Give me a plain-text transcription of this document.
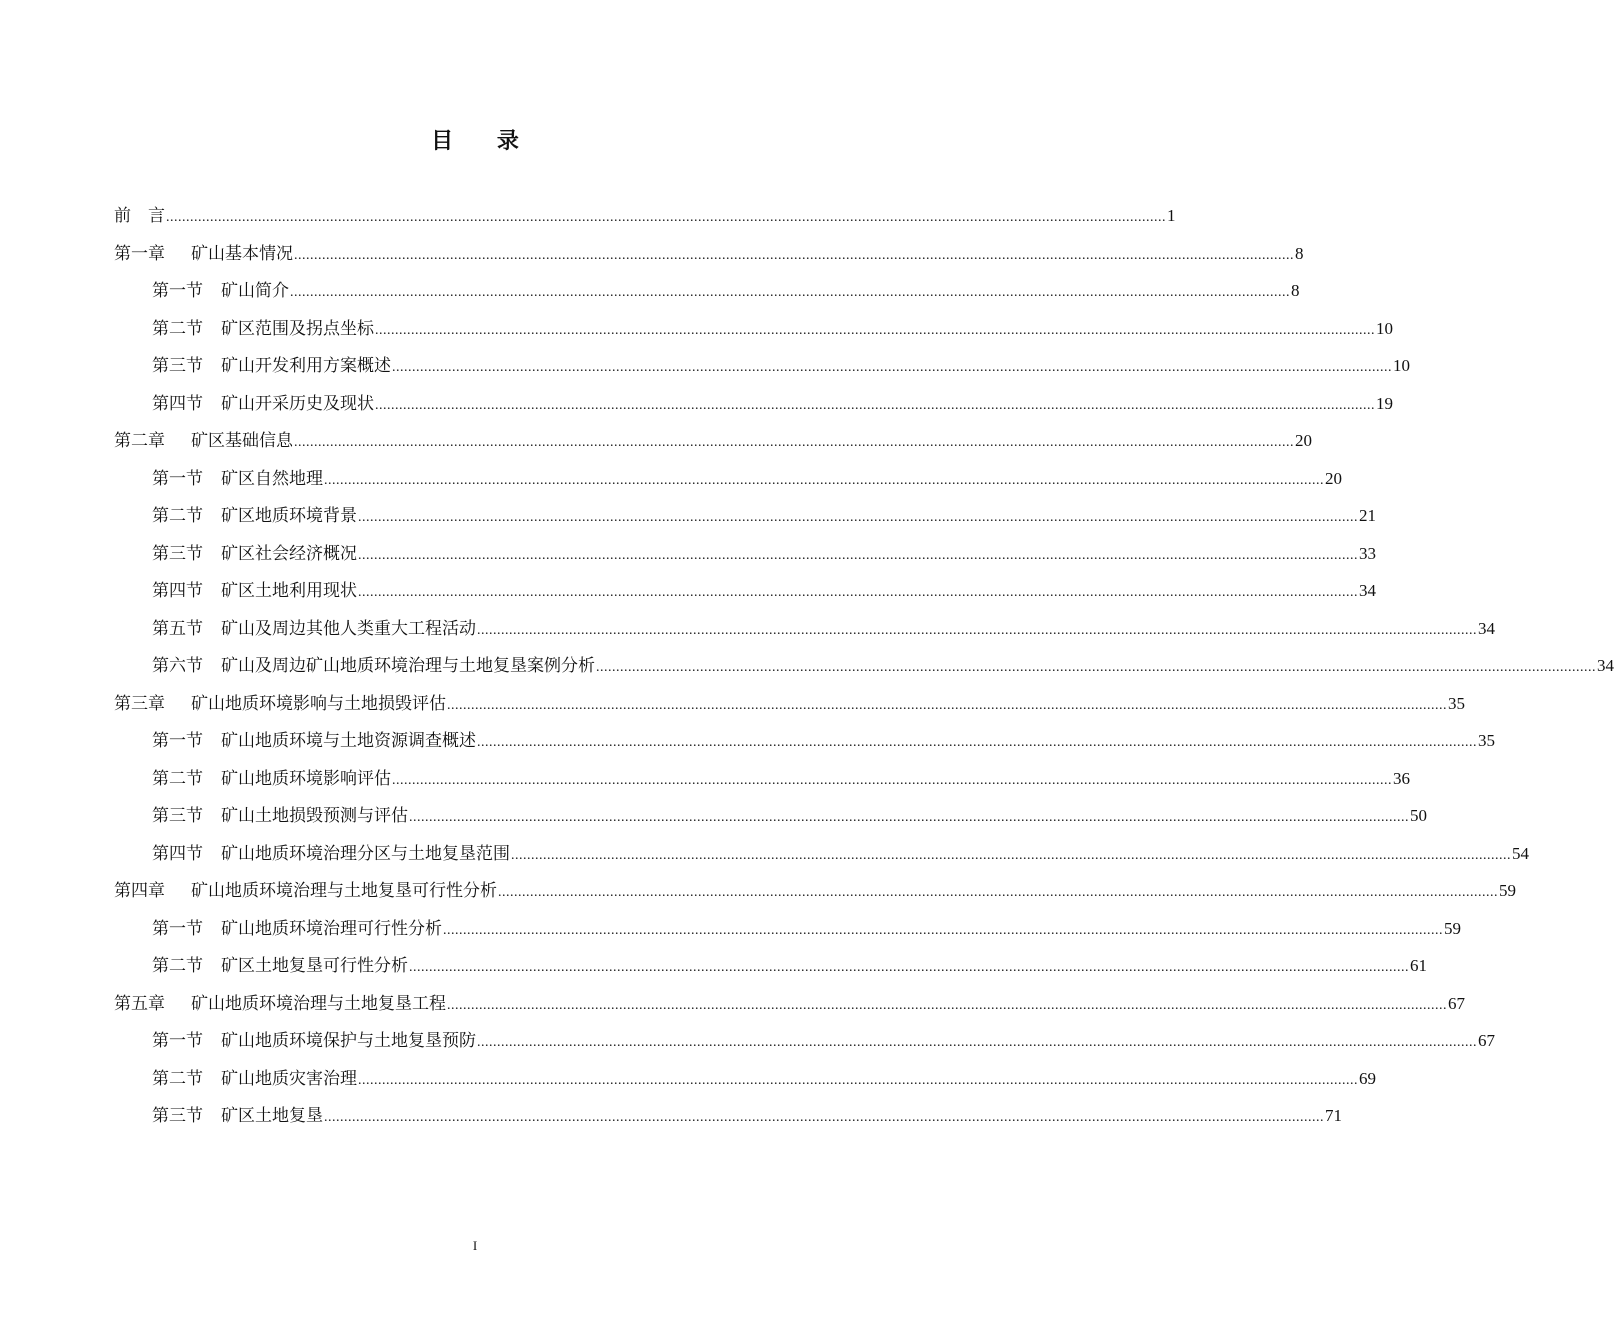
目 录
前　言 .......................................................................................................................................................................................................................................................... 1
第一章 矿山基本情况 .......................................................................................................................................................................................................................................................... 8
第一节 矿山简介 .......................................................................................................................................................................................................................................................... 8
第二节 矿区范围及拐点坐标 .......................................................................................................................................................................................................................................................... 10
第三节 矿山开发利用方案概述 .......................................................................................................................................................................................................................................................... 10
第四节 矿山开采历史及现状 .......................................................................................................................................................................................................................................................... 19
第二章 矿区基础信息 .......................................................................................................................................................................................................................................................... 20
第一节 矿区自然地理 .......................................................................................................................................................................................................................................................... 20
第二节 矿区地质环境背景 .......................................................................................................................................................................................................................................................... 21
第三节 矿区社会经济概况 .......................................................................................................................................................................................................................................................... 33
第四节 矿区土地利用现状 .......................................................................................................................................................................................................................................................... 34
第五节 矿山及周边其他人类重大工程活动 .......................................................................................................................................................................................................................................................... 34
第六节 矿山及周边矿山地质环境治理与土地复垦案例分析 .......................................................................................................................................................................................................................................................... 34
第三章 矿山地质环境影响与土地损毁评估 .......................................................................................................................................................................................................................................................... 35
第一节 矿山地质环境与土地资源调查概述 .......................................................................................................................................................................................................................................................... 35
第二节 矿山地质环境影响评估 .......................................................................................................................................................................................................................................................... 36
第三节 矿山土地损毁预测与评估 .......................................................................................................................................................................................................................................................... 50
第四节 矿山地质环境治理分区与土地复垦范围 .......................................................................................................................................................................................................................................................... 54
第四章 矿山地质环境治理与土地复垦可行性分析 .......................................................................................................................................................................................................................................................... 59
第一节 矿山地质环境治理可行性分析 .......................................................................................................................................................................................................................................................... 59
第二节 矿区土地复垦可行性分析 .......................................................................................................................................................................................................................................................... 61
第五章 矿山地质环境治理与土地复垦工程 .......................................................................................................................................................................................................................................................... 67
第一节 矿山地质环境保护与土地复垦预防 .......................................................................................................................................................................................................................................................... 67
第二节 矿山地质灾害治理 .......................................................................................................................................................................................................................................................... 69
第三节 矿区土地复垦 .......................................................................................................................................................................................................................................................... 71
I
